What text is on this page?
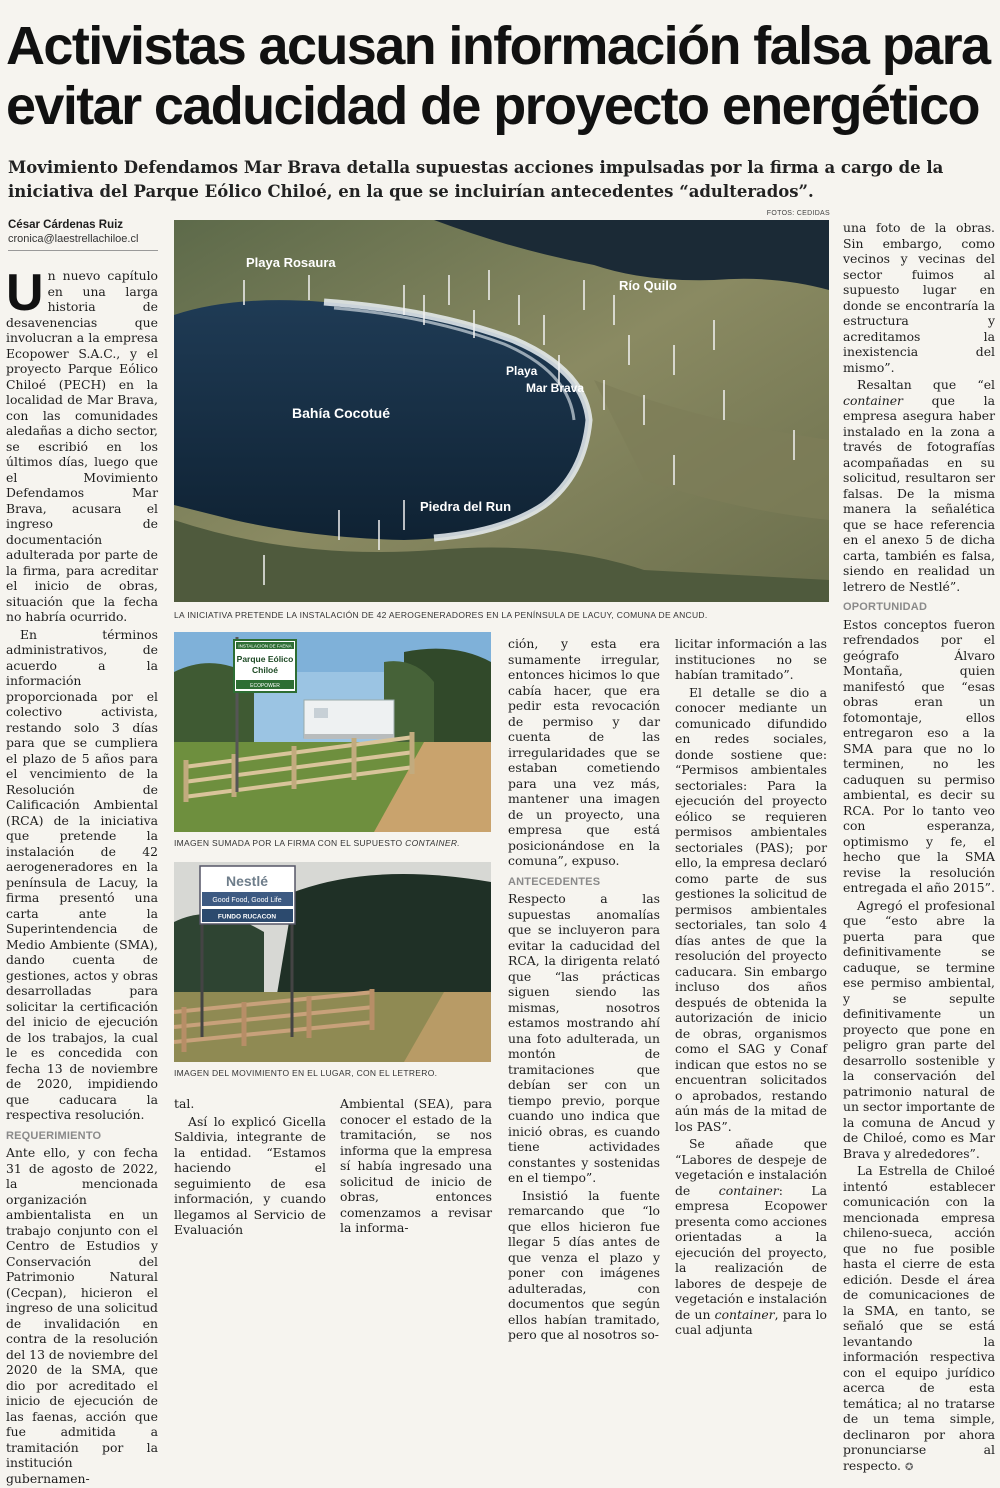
Activistas acusan información falsa para evitar caducidad de proyecto energético

Movimiento Defendamos Mar Brava detalla supuestas acciones impulsadas por la firma a cargo de la iniciativa del Parque Eólico Chiloé, en la que se incluirían antecedentes “adulterados”.

César Cárdenas Ruiz
cronica@laestrellachiloe.cl
FOTOS: CEDIDAS

Un nuevo capítulo en una larga historia de desavenencias que involucran a la empresa Ecopower S.A.C., y el proyecto Parque Eólico Chiloé (PECH) en la localidad de Mar Brava, con las comunidades aledañas a dicho sector, se escribió en los últimos días, luego que el Movimiento Defendamos Mar Brava, acusara el ingreso de documentación adulterada por parte de la firma, para acreditar el inicio de obras, situación que la fecha no habría ocurrido.

En términos administrativos, de acuerdo a la información proporcionada por el colectivo activista, restando solo 3 días para que se cumpliera el plazo de 5 años para el vencimiento de la Resolución de Calificación Ambiental (RCA) de la iniciativa que pretende la instalación de 42 aerogeneradores en la península de Lacuy, la firma presentó una carta ante la Superintendencia de Medio Ambiente (SMA), dando cuenta de gestiones, actos y obras desarrolladas para solicitar la certificación del inicio de ejecución de los trabajos, la cual le es concedida con fecha 13 de noviembre de 2020, impidiendo que caducara la respectiva resolución.

REQUERIMIENTO

Ante ello, y con fecha 31 de agosto de 2022, la mencionada organización ambientalista en un trabajo conjunto con el Centro de Estudios y Conservación del Patrimonio Natural (Cecpan), hicieron el ingreso de una solicitud de invalidación en contra de la resolución del 13 de noviembre del 2020 de la SMA, que dio por acreditado el inicio de ejecución de las faenas, acción que fue admitida a tramitación por la institución gubernamen-

Playa Rosaura
Río Quilo
Playa
Mar Brava
Bahía Cocotué
Piedra del Run
LA INICIATIVA PRETENDE LA INSTALACIÓN DE 42 AEROGENERADORES EN LA PENÍNSULA DE LACUY, COMUNA DE ANCUD.
INSTALACION DE FAENA
Parque Eólico
Chiloé
ECOPOWER
IMAGEN SUMADA POR LA FIRMA CON EL SUPUESTO CONTAINER.
Nestlé
Good Food, Good Life
FUNDO RUCACON
IMAGEN DEL MOVIMIENTO EN EL LUGAR, CON EL LETRERO.

tal.

Así lo explicó Gicella Saldivia, integrante de la entidad. “Estamos haciendo el seguimiento de esa información, y cuando llegamos al Servicio de Evaluación

Ambiental (SEA), para conocer el estado de la tramitación, se nos informa que la empresa sí había ingresado una solicitud de inicio de obras, entonces comenzamos a revisar la informa-

ción, y esta era sumamente irregular, entonces hicimos lo que cabía hacer, que era pedir esta revocación de permiso y dar cuenta de las irregularidades que se estaban cometiendo para una vez más, mantener una imagen de un proyecto, una empresa que está posicionándose en la comuna”, expuso.

ANTECEDENTES

Respecto a las supuestas anomalías que se incluyeron para evitar la caducidad del RCA, la dirigenta relató que “las prácticas siguen siendo las mismas, nosotros estamos mostrando ahí una foto adulterada, un montón de tramitaciones que debían ser con un tiempo previo, porque cuando uno indica que inició obras, es cuando tiene actividades constantes y sostenidas en el tiempo”.

Insistió la fuente remarcando que “lo que ellos hicieron fue llegar 5 días antes de que venza el plazo y poner con imágenes adulteradas, con documentos que según ellos habían tramitado, pero que al nosotros so-

licitar información a las instituciones no se habían tramitado”.

El detalle se dio a conocer mediante un comunicado difundido en redes sociales, donde sostiene que: “Permisos ambientales sectoriales: Para la ejecución del proyecto eólico se requieren permisos ambientales sectoriales (PAS); por ello, la empresa declaró como parte de sus gestiones la solicitud de permisos ambientales sectoriales, tan solo 4 días antes de que la resolución del proyecto caducara. Sin embargo incluso dos años después de obtenida la autorización de inicio de obras, organismos como el SAG y Conaf indican que estos no se encuentran solicitados o aprobados, restando aún más de la mitad de los PAS”.

Se añade que “Labores de despeje de vegetación e instalación de container: La empresa Ecopower presenta como acciones orientadas a la ejecución del proyecto, la realización de labores de despeje de vegetación e instalación de un container, para lo cual adjunta

una foto de la obras. Sin embargo, como vecinos y vecinas del sector fuimos al supuesto lugar en donde se encontraría la estructura y acreditamos la inexistencia del mismo”.

Resaltan que “el container que la empresa asegura haber instalado en la zona a través de fotografías acompañadas en su solicitud, resultaron ser falsas. De la misma manera la señalética que se hace referencia en el anexo 5 de dicha carta, también es falsa, siendo en realidad un letrero de Nestlé”.

OPORTUNIDAD

Estos conceptos fueron refrendados por el geógrafo Álvaro Montaña, quien manifestó que “esas obras eran un fotomontaje, ellos entregaron eso a la SMA para que no lo terminen, no les caduquen su permiso ambiental, es decir su RCA. Por lo tanto veo con esperanza, optimismo y fe, el hecho que la SMA revise la resolución entregada el año 2015”.

Agregó el profesional que “esto abre la puerta para que definitivamente se caduque, se termine ese permiso ambiental, y se sepulte definitivamente un proyecto que pone en peligro gran parte del desarrollo sostenible y la conservación del patrimonio natural de un sector importante de la comuna de Ancud y de Chiloé, como es Mar Brava y alrededores”.

La Estrella de Chiloé intentó establecer comunicación con la mencionada empresa chileno-sueca, acción que no fue posible hasta el cierre de esta edición. Desde el área de comunicaciones de la SMA, en tanto, se señaló que se está levantando la información respectiva con el equipo jurídico acerca de esta temática; al no tratarse de un tema simple, declinaron por ahora pronunciarse al respecto. ✪
